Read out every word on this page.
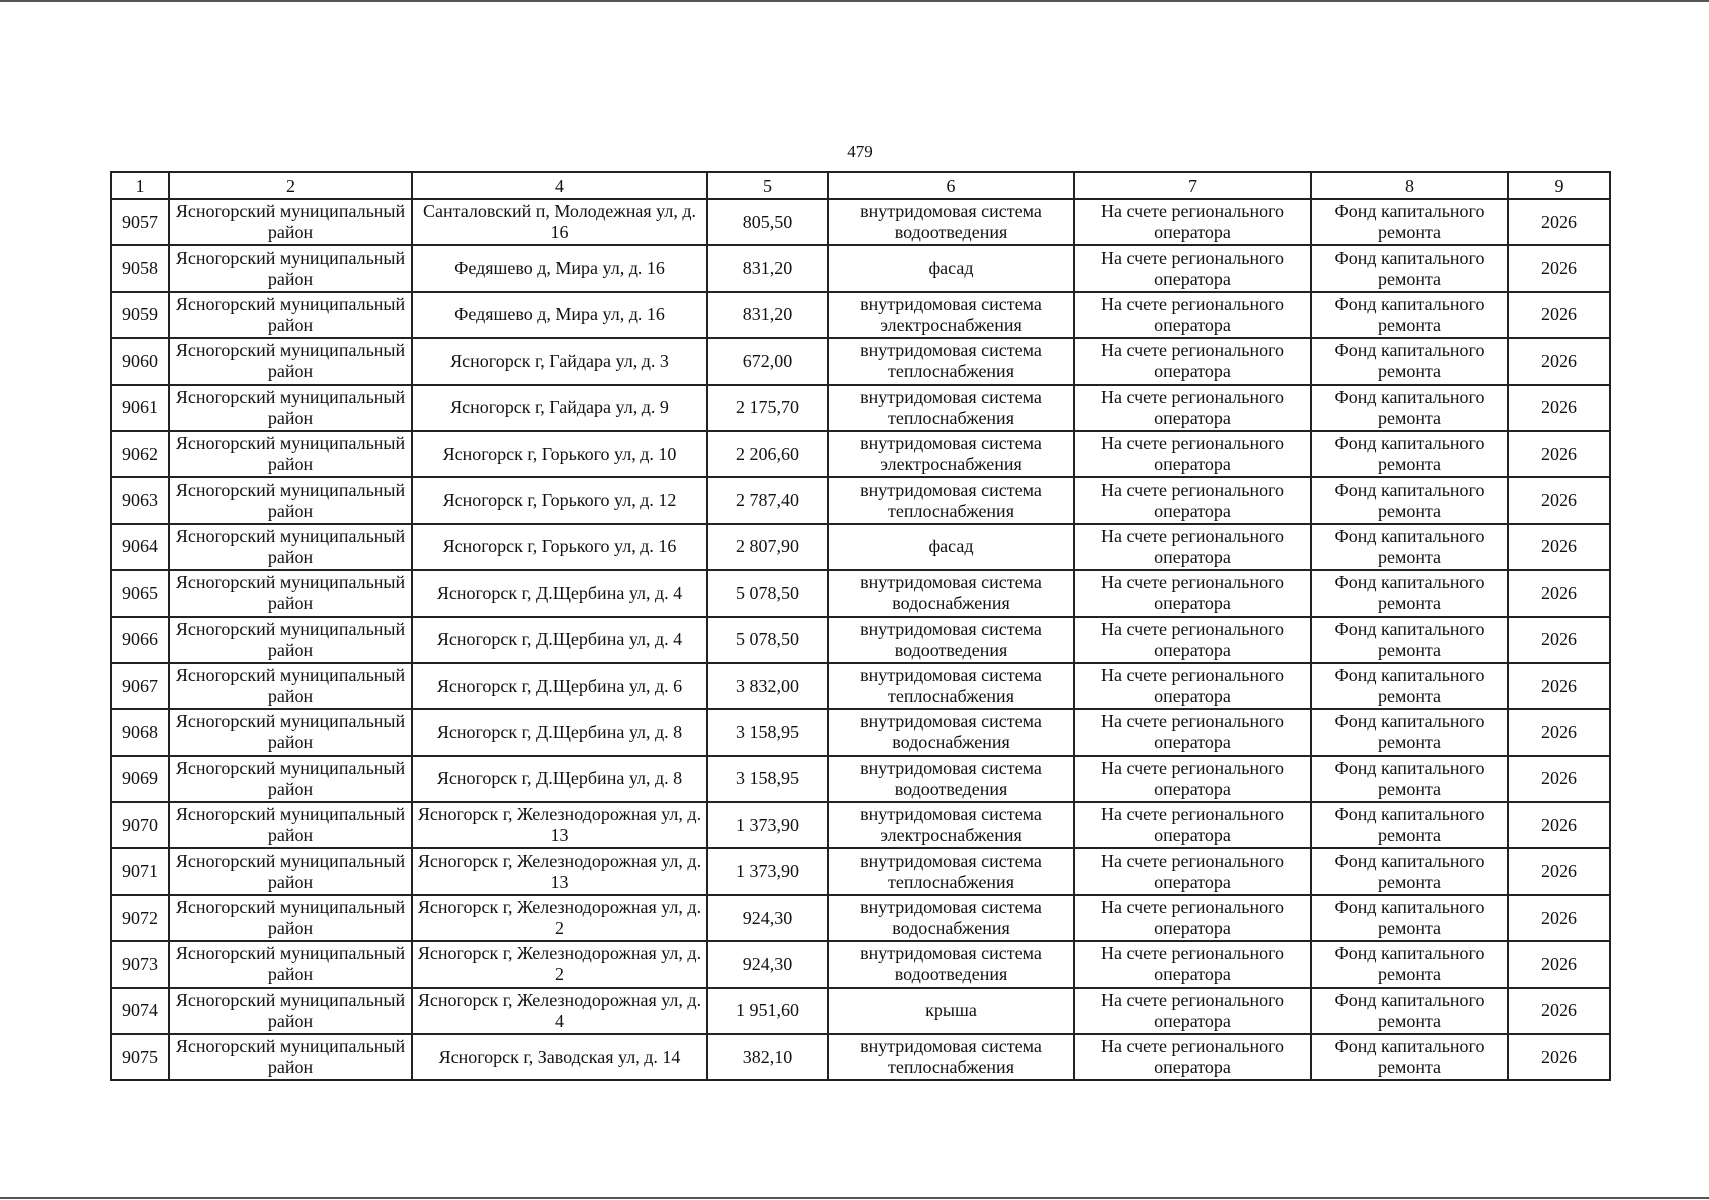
479
1	2	4	5	6	7	8	9
9057	Ясногорский муниципальный район	Санталовский п, Молодежная ул, д. 16	805,50	внутридомовая система водоотведения	На счете регионального оператора	Фонд капитального ремонта	2026
9058	Ясногорский муниципальный район	Федяшево д, Мира ул, д. 16	831,20	фасад	На счете регионального оператора	Фонд капитального ремонта	2026
9059	Ясногорский муниципальный район	Федяшево д, Мира ул, д. 16	831,20	внутридомовая система электроснабжения	На счете регионального оператора	Фонд капитального ремонта	2026
9060	Ясногорский муниципальный район	Ясногорск г, Гайдара ул, д. 3	672,00	внутридомовая система теплоснабжения	На счете регионального оператора	Фонд капитального ремонта	2026
9061	Ясногорский муниципальный район	Ясногорск г, Гайдара ул, д. 9	2 175,70	внутридомовая система теплоснабжения	На счете регионального оператора	Фонд капитального ремонта	2026
9062	Ясногорский муниципальный район	Ясногорск г, Горького ул, д. 10	2 206,60	внутридомовая система электроснабжения	На счете регионального оператора	Фонд капитального ремонта	2026
9063	Ясногорский муниципальный район	Ясногорск г, Горького ул, д. 12	2 787,40	внутридомовая система теплоснабжения	На счете регионального оператора	Фонд капитального ремонта	2026
9064	Ясногорский муниципальный район	Ясногорск г, Горького ул, д. 16	2 807,90	фасад	На счете регионального оператора	Фонд капитального ремонта	2026
9065	Ясногорский муниципальный район	Ясногорск г, Д.Щербина ул, д. 4	5 078,50	внутридомовая система водоснабжения	На счете регионального оператора	Фонд капитального ремонта	2026
9066	Ясногорский муниципальный район	Ясногорск г, Д.Щербина ул, д. 4	5 078,50	внутридомовая система водоотведения	На счете регионального оператора	Фонд капитального ремонта	2026
9067	Ясногорский муниципальный район	Ясногорск г, Д.Щербина ул, д. 6	3 832,00	внутридомовая система теплоснабжения	На счете регионального оператора	Фонд капитального ремонта	2026
9068	Ясногорский муниципальный район	Ясногорск г, Д.Щербина ул, д. 8	3 158,95	внутридомовая система водоснабжения	На счете регионального оператора	Фонд капитального ремонта	2026
9069	Ясногорский муниципальный район	Ясногорск г, Д.Щербина ул, д. 8	3 158,95	внутридомовая система водоотведения	На счете регионального оператора	Фонд капитального ремонта	2026
9070	Ясногорский муниципальный район	Ясногорск г, Железнодорожная ул, д. 13	1 373,90	внутридомовая система электроснабжения	На счете регионального оператора	Фонд капитального ремонта	2026
9071	Ясногорский муниципальный район	Ясногорск г, Железнодорожная ул, д. 13	1 373,90	внутридомовая система теплоснабжения	На счете регионального оператора	Фонд капитального ремонта	2026
9072	Ясногорский муниципальный район	Ясногорск г, Железнодорожная ул, д. 2	924,30	внутридомовая система водоснабжения	На счете регионального оператора	Фонд капитального ремонта	2026
9073	Ясногорский муниципальный район	Ясногорск г, Железнодорожная ул, д. 2	924,30	внутридомовая система водоотведения	На счете регионального оператора	Фонд капитального ремонта	2026
9074	Ясногорский муниципальный район	Ясногорск г, Железнодорожная ул, д. 4	1 951,60	крыша	На счете регионального оператора	Фонд капитального ремонта	2026
9075	Ясногорский муниципальный район	Ясногорск г, Заводская ул, д. 14	382,10	внутридомовая система теплоснабжения	На счете регионального оператора	Фонд капитального ремонта	2026
